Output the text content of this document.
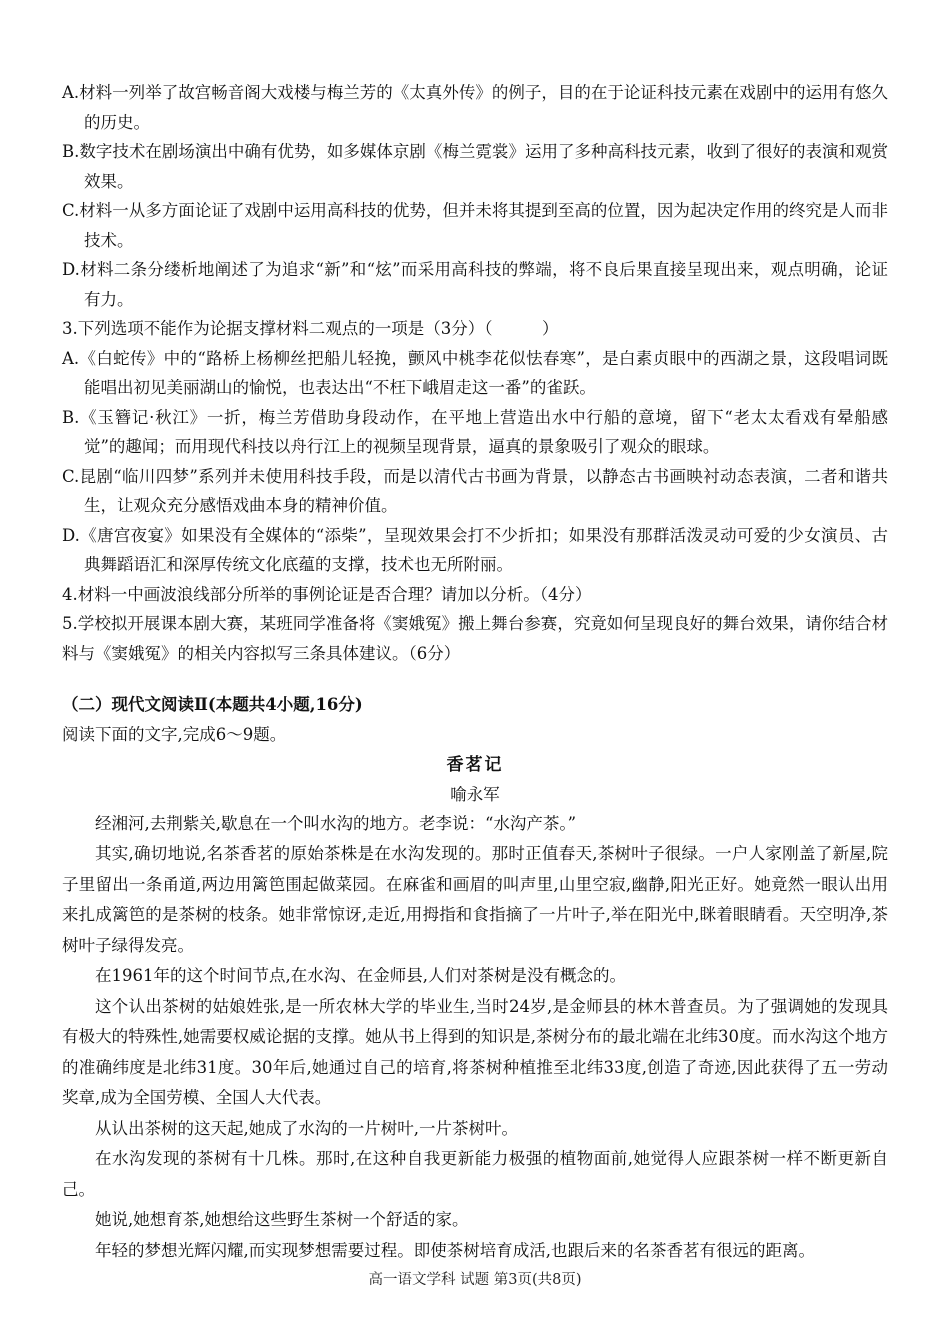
A.材料一列举了故宫畅音阁大戏楼与梅兰芳的《太真外传》的例子，目的在于论证科技元素在戏剧中的运用有悠久的历史。

B.数字技术在剧场演出中确有优势，如多媒体京剧《梅兰霓裳》运用了多种高科技元素，收到了很好的表演和观赏效果。

C.材料一从多方面论证了戏剧中运用高科技的优势，但并未将其提到至高的位置，因为起决定作用的终究是人而非技术。

D.材料二条分缕析地阐述了为追求“新”和“炫”而采用高科技的弊端，将不良后果直接呈现出来，观点明确，论证有力。

3.下列选项不能作为论据支撑材料二观点的一项是（3分）（　　　）

A.《白蛇传》中的“路桥上杨柳丝把船儿轻挽，颤风中桃李花似怯春寒”，是白素贞眼中的西湖之景，这段唱词既能唱出初见美丽湖山的愉悦，也表达出“不枉下峨眉走这一番”的雀跃。

B.《玉簪记·秋江》一折，梅兰芳借助身段动作，在平地上营造出水中行船的意境，留下“老太太看戏有晕船感觉”的趣闻；而用现代科技以舟行江上的视频呈现背景，逼真的景象吸引了观众的眼球。

C.昆剧“临川四梦”系列并未使用科技手段，而是以清代古书画为背景，以静态古书画映衬动态表演，二者和谐共生，让观众充分感悟戏曲本身的精神价值。

D.《唐宫夜宴》如果没有全媒体的“添柴”，呈现效果会打不少折扣；如果没有那群活泼灵动可爱的少女演员、古典舞蹈语汇和深厚传统文化底蕴的支撑，技术也无所附丽。

4.材料一中画波浪线部分所举的事例论证是否合理？请加以分析。（4分）

5.学校拟开展课本剧大赛，某班同学准备将《窦娥冤》搬上舞台参赛，究竟如何呈现良好的舞台效果，请你结合材料与《窦娥冤》的相关内容拟写三条具体建议。（6分）

（二）现代文阅读Ⅱ(本题共4小题,16分)

阅读下面的文字,完成6～9题。

香茗记

喻永军

经湘河,去荆紫关,歇息在一个叫水沟的地方。老李说：“水沟产茶。”

其实,确切地说,名茶香茗的原始茶株是在水沟发现的。那时正值春天,茶树叶子很绿。一户人家刚盖了新屋,院子里留出一条甬道,两边用篱笆围起做菜园。在麻雀和画眉的叫声里,山里空寂,幽静,阳光正好。她竟然一眼认出用来扎成篱笆的是茶树的枝条。她非常惊讶,走近,用拇指和食指摘了一片叶子,举在阳光中,眯着眼睛看。天空明净,茶树叶子绿得发亮。

在1961年的这个时间节点,在水沟、在金师县,人们对茶树是没有概念的。

这个认出茶树的姑娘姓张,是一所农林大学的毕业生,当时24岁,是金师县的林木普查员。为了强调她的发现具有极大的特殊性,她需要权威论据的支撑。她从书上得到的知识是,茶树分布的最北端在北纬30度。而水沟这个地方的准确纬度是北纬31度。30年后,她通过自己的培育,将茶树种植推至北纬33度,创造了奇迹,因此获得了五一劳动奖章,成为全国劳模、全国人大代表。

从认出茶树的这天起,她成了水沟的一片树叶,一片茶树叶。

在水沟发现的茶树有十几株。那时,在这种自我更新能力极强的植物面前,她觉得人应跟茶树一样不断更新自己。

她说,她想育茶,她想给这些野生茶树一个舒适的家。

年轻的梦想光辉闪耀,而实现梦想需要过程。即使茶树培育成活,也跟后来的名茶香茗有很远的距离。

高一语文学科 试题 第3页(共8页)
